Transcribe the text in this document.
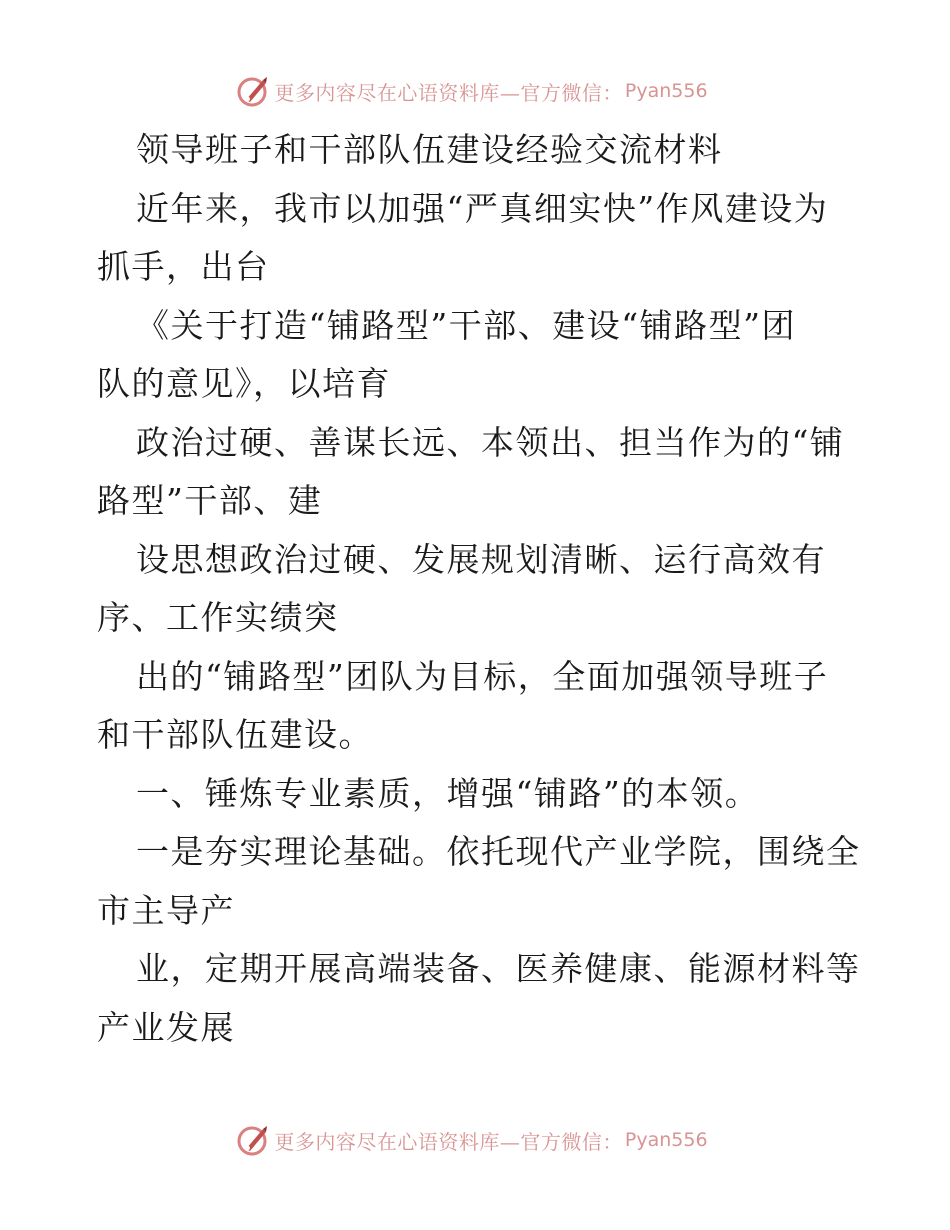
更多内容尽在心语资料库—官方微信： Pyan556
领导班子和干部队伍建设经验交流材料
近年来，我市以加强“严真细实快”作风建设为
抓手，出台
《关于打造“铺路型”干部、建设“铺路型”团
队的意见》，以培育
政治过硬、善谋长远、本领出、担当作为的“铺
路型”干部、建
设思想政治过硬、发展规划清晰、运行高效有
序、工作实绩突
出的“铺路型”团队为目标，全面加强领导班子
和干部队伍建设。
一、锤炼专业素质，增强“铺路”的本领。
一是夯实理论基础。依托现代产业学院，围绕全
市主导产
业，定期开展高端装备、医养健康、能源材料等
产业发展
更多内容尽在心语资料库—官方微信： Pyan556
